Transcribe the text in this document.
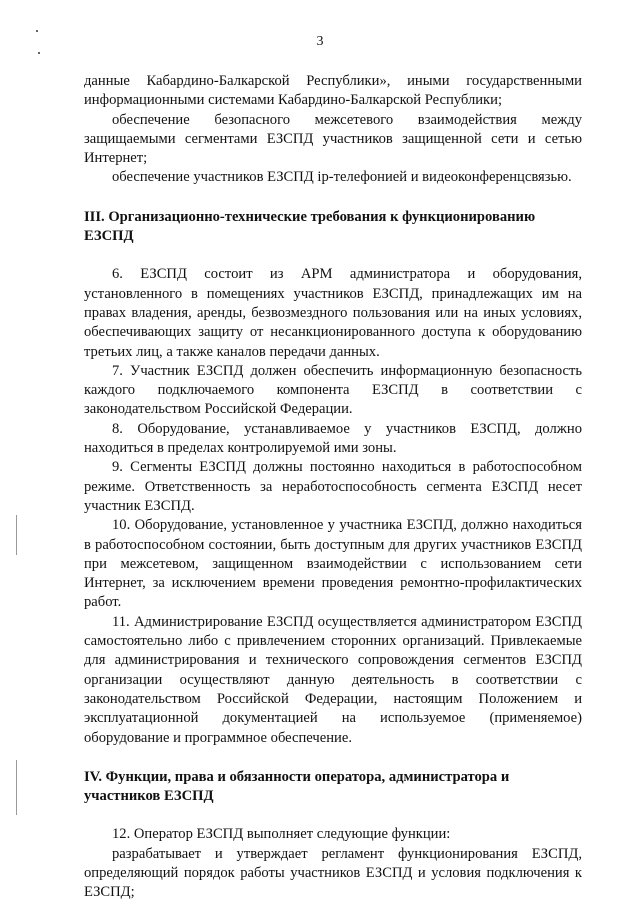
3

данные Кабардино-Балкарской Республики», иными государственными информационными системами Кабардино-Балкарской Республики;

обеспечение безопасного межсетевого взаимодействия между защищаемыми сегментами ЕЗСПД участников защищенной сети и сетью Интернет;

обеспечение участников ЕЗСПД ip-телефонией и видеоконференцсвязью.

III. Организационно-технические требования к функционированию
ЕЗСПД

6. ЕЗСПД состоит из АРМ администратора и оборудования, установленного в помещениях участников ЕЗСПД, принадлежащих им на правах владения, аренды, безвозмездного пользования или на иных условиях, обеспечивающих защиту от несанкционированного доступа к оборудованию третьих лиц, а также каналов передачи данных.

7. Участник ЕЗСПД должен обеспечить информационную безопасность каждого подключаемого компонента ЕЗСПД в соответствии с законодательством Российской Федерации.

8. Оборудование, устанавливаемое у участников ЕЗСПД, должно находиться в пределах контролируемой ими зоны.

9. Сегменты ЕЗСПД должны постоянно находиться в работоспособном режиме. Ответственность за неработоспособность сегмента ЕЗСПД несет участник ЕЗСПД.

10. Оборудование, установленное у участника ЕЗСПД, должно находиться в работоспособном состоянии, быть доступным для других участников ЕЗСПД при межсетевом, защищенном взаимодействии с использованием сети Интернет, за исключением времени проведения ремонтно-профилактических работ.

11. Администрирование ЕЗСПД осуществляется администратором ЕЗСПД самостоятельно либо с привлечением сторонних организаций. Привлекаемые для администрирования и технического сопровождения сегментов ЕЗСПД организации осуществляют данную деятельность в соответствии с законодательством Российской Федерации, настоящим Положением и эксплуатационной документацией на используемое (применяемое) оборудование и программное обеспечение.

IV. Функции, права и обязанности оператора, администратора и
участников ЕЗСПД

12. Оператор ЕЗСПД выполняет следующие функции:

разрабатывает и утверждает регламент функционирования ЕЗСПД, определяющий порядок работы участников ЕЗСПД и условия подключения к ЕЗСПД;
